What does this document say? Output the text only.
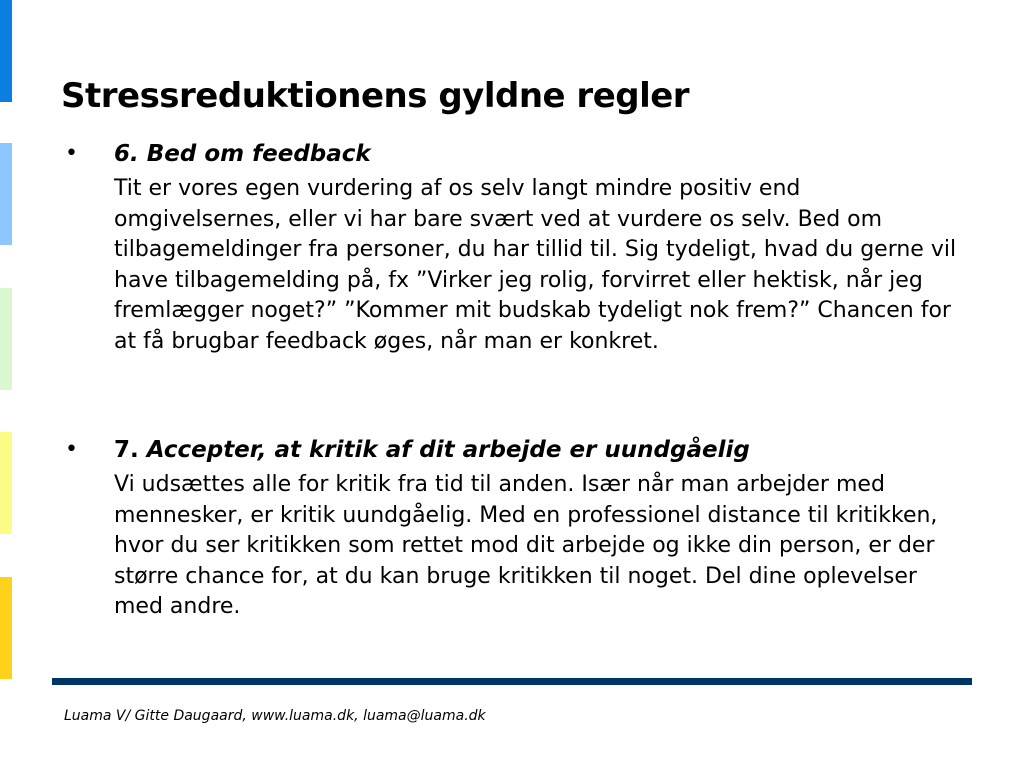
Stressreduktionens gyldne regler
• 6. Bed om feedback

Tit er vores egen vurdering af os selv langt mindre positiv end omgivelsernes, eller vi har bare svært ved at vurdere os selv. Bed om tilbagemeldinger fra personer, du har tillid til. Sig tydeligt, hvad du gerne vil have tilbagemelding på, fx ”Virker jeg rolig, forvirret eller hektisk, når jeg fremlægger noget?” ”Kommer mit budskab tydeligt nok frem?” Chancen for at få brugbar feedback øges, når man er konkret.

• 7. Accepter, at kritik af dit arbejde er uundgåelig

Vi udsættes alle for kritik fra tid til anden. Især når man arbejder med mennesker, er kritik uundgåelig. Med en professionel distance til kritikken, hvor du ser kritikken som rettet mod dit arbejde og ikke din person, er der større chance for, at du kan bruge kritikken til noget. Del dine oplevelser med andre.

Luama V/ Gitte Daugaard, www.luama.dk, luama@luama.dk
